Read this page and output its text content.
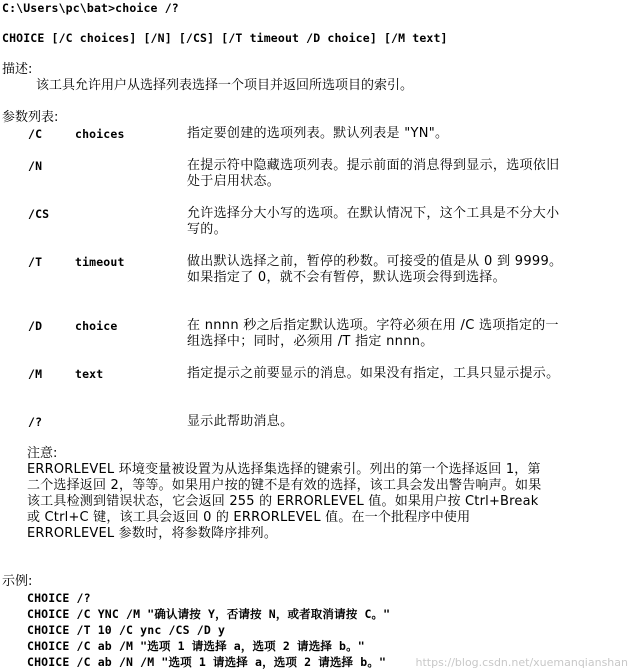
C:\Users\pc\bat>choice /?
CHOICE [/C choices] [/N] [/CS] [/T timeout /D choice] [/M text]
描述:
该工具允许用户从选择列表选择一个项目并返回所选项目的索引。
参数列表:
/C	choices	指定要创建的选项列表。默认列表是 "YN"。
/N	在提示符中隐藏选项列表。提示前面的消息得到显示，选项依旧处于启用状态。
/CS	允许选择分大小写的选项。在默认情况下，这个工具是不分大小写的。
/T	timeout	做出默认选择之前，暂停的秒数。可接受的值是从 0 到 9999。如果指定了 0，就不会有暂停，默认选项会得到选择。
/D	choice	在 nnnn 秒之后指定默认选项。字符必须在用 /C 选项指定的一组选择中；同时，必须用 /T 指定 nnnn。
/M	text	指定提示之前要显示的消息。如果没有指定，工具只显示提示。
/?	显示此帮助消息。
注意:
ERRORLEVEL 环境变量被设置为从选择集选择的键索引。列出的第一个选择返回 1，第二个选择返回 2，等等。如果用户按的键不是有效的选择，该工具会发出警告响声。如果该工具检测到错误状态，它会返回 255 的 ERRORLEVEL 值。如果用户按 Ctrl+Break 或 Ctrl+C 键，该工具会返回 0 的 ERRORLEVEL 值。在一个批程序中使用 ERRORLEVEL 参数时，将参数降序排列。
示例:
CHOICE /?
CHOICE /C YNC /M "确认请按 Y，否请按 N，或者取消请按 C。"
CHOICE /T 10 /C ync /CS /D y
CHOICE /C ab /M "选项 1 请选择 a，选项 2 请选择 b。"
CHOICE /C ab /N /M "选项 1 请选择 a，选项 2 请选择 b。"	https://blog.csdn.net/xuemanqianshan
